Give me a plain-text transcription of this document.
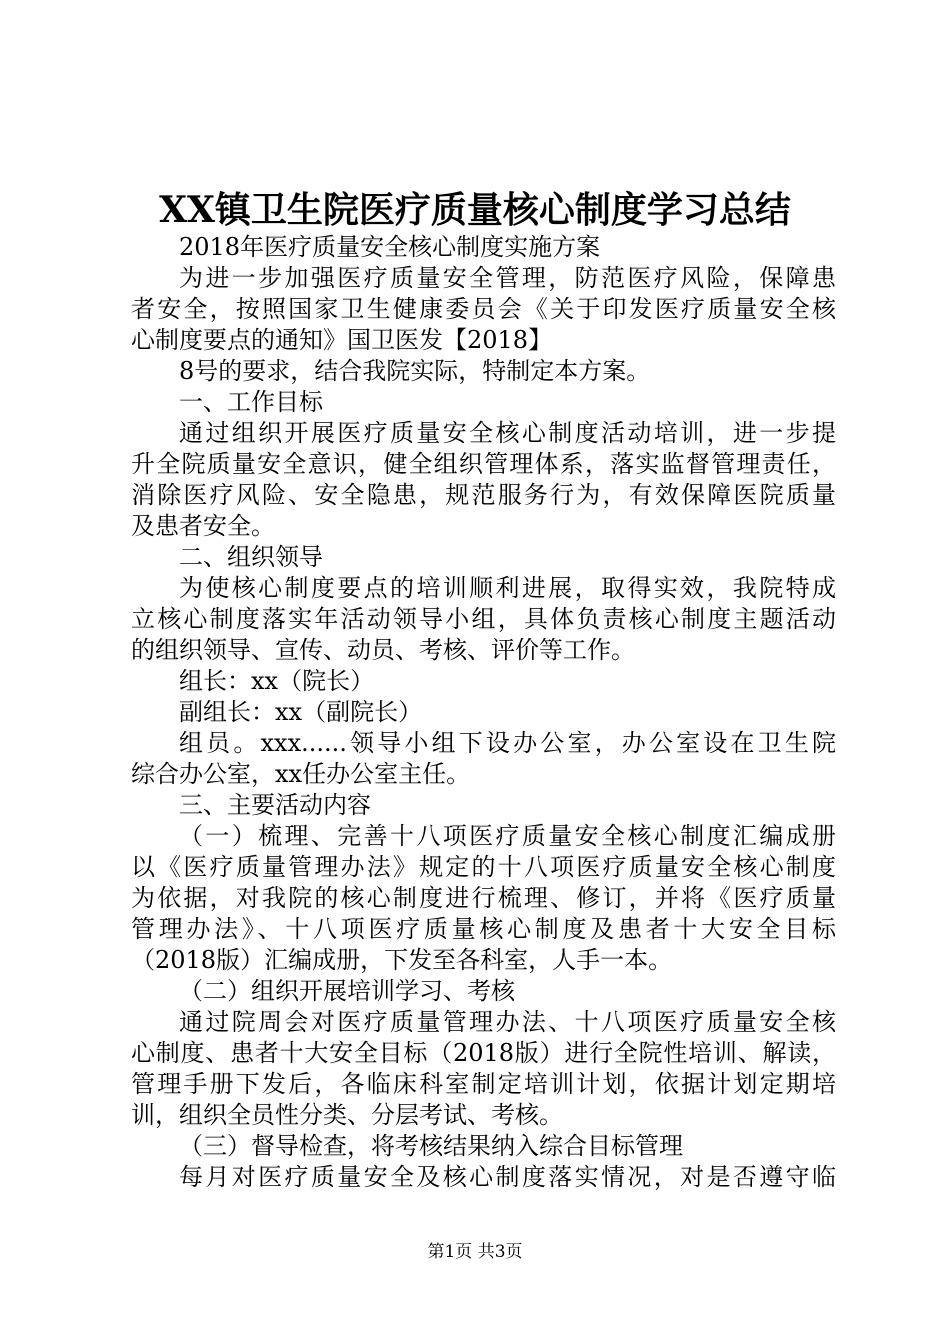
XX镇卫生院医疗质量核心制度学习总结
2018年医疗质量安全核心制度实施方案
为进一步加强医疗质量安全管理，防范医疗风险，保障患
者安全，按照国家卫生健康委员会《关于印发医疗质量安全核
心制度要点的通知》国卫医发【2018】
8号的要求，结合我院实际，特制定本方案。
一、工作目标
通过组织开展医疗质量安全核心制度活动培训，进一步提
升全院质量安全意识，健全组织管理体系，落实监督管理责任，
消除医疗风险、安全隐患，规范服务行为，有效保障医院质量
及患者安全。
二、组织领导
为使核心制度要点的培训顺利进展，取得实效，我院特成
立核心制度落实年活动领导小组，具体负责核心制度主题活动
的组织领导、宣传、动员、考核、评价等工作。
组长：xx（院长）
副组长：xx（副院长）
组员。xxx......领导小组下设办公室，办公室设在卫生院
综合办公室，xx任办公室主任。
三、主要活动内容
（一）梳理、完善十八项医疗质量安全核心制度汇编成册
以《医疗质量管理办法》规定的十八项医疗质量安全核心制度
为依据，对我院的核心制度进行梳理、修订，并将《医疗质量
管理办法》、十八项医疗质量核心制度及患者十大安全目标
（2018版）汇编成册，下发至各科室，人手一本。
（二）组织开展培训学习、考核
通过院周会对医疗质量管理办法、十八项医疗质量安全核
心制度、患者十大安全目标（2018版）进行全院性培训、解读，
管理手册下发后，各临床科室制定培训计划，依据计划定期培
训，组织全员性分类、分层考试、考核。
（三）督导检查，将考核结果纳入综合目标管理
每月对医疗质量安全及核心制度落实情况，对是否遵守临
第1页 共3页
